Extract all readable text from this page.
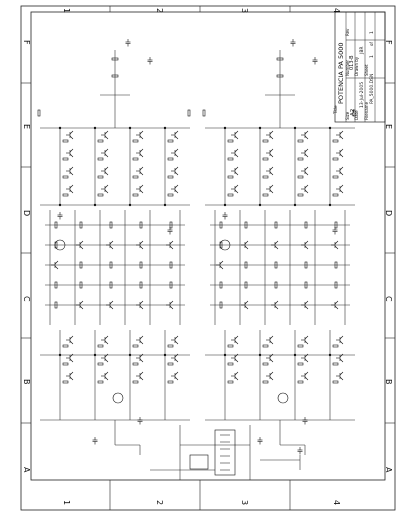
1	2	3	4
1	2	3	4
A
B
C
D
E
F
A
B
C
D
E
F
Title
POTENCIA PA 5000
Size A2
Number 013-B
Rev
Date
13-Jul-2005
Drawn by
JBR
Filename
PA_5000.DSN
Sheet
1
of
1
